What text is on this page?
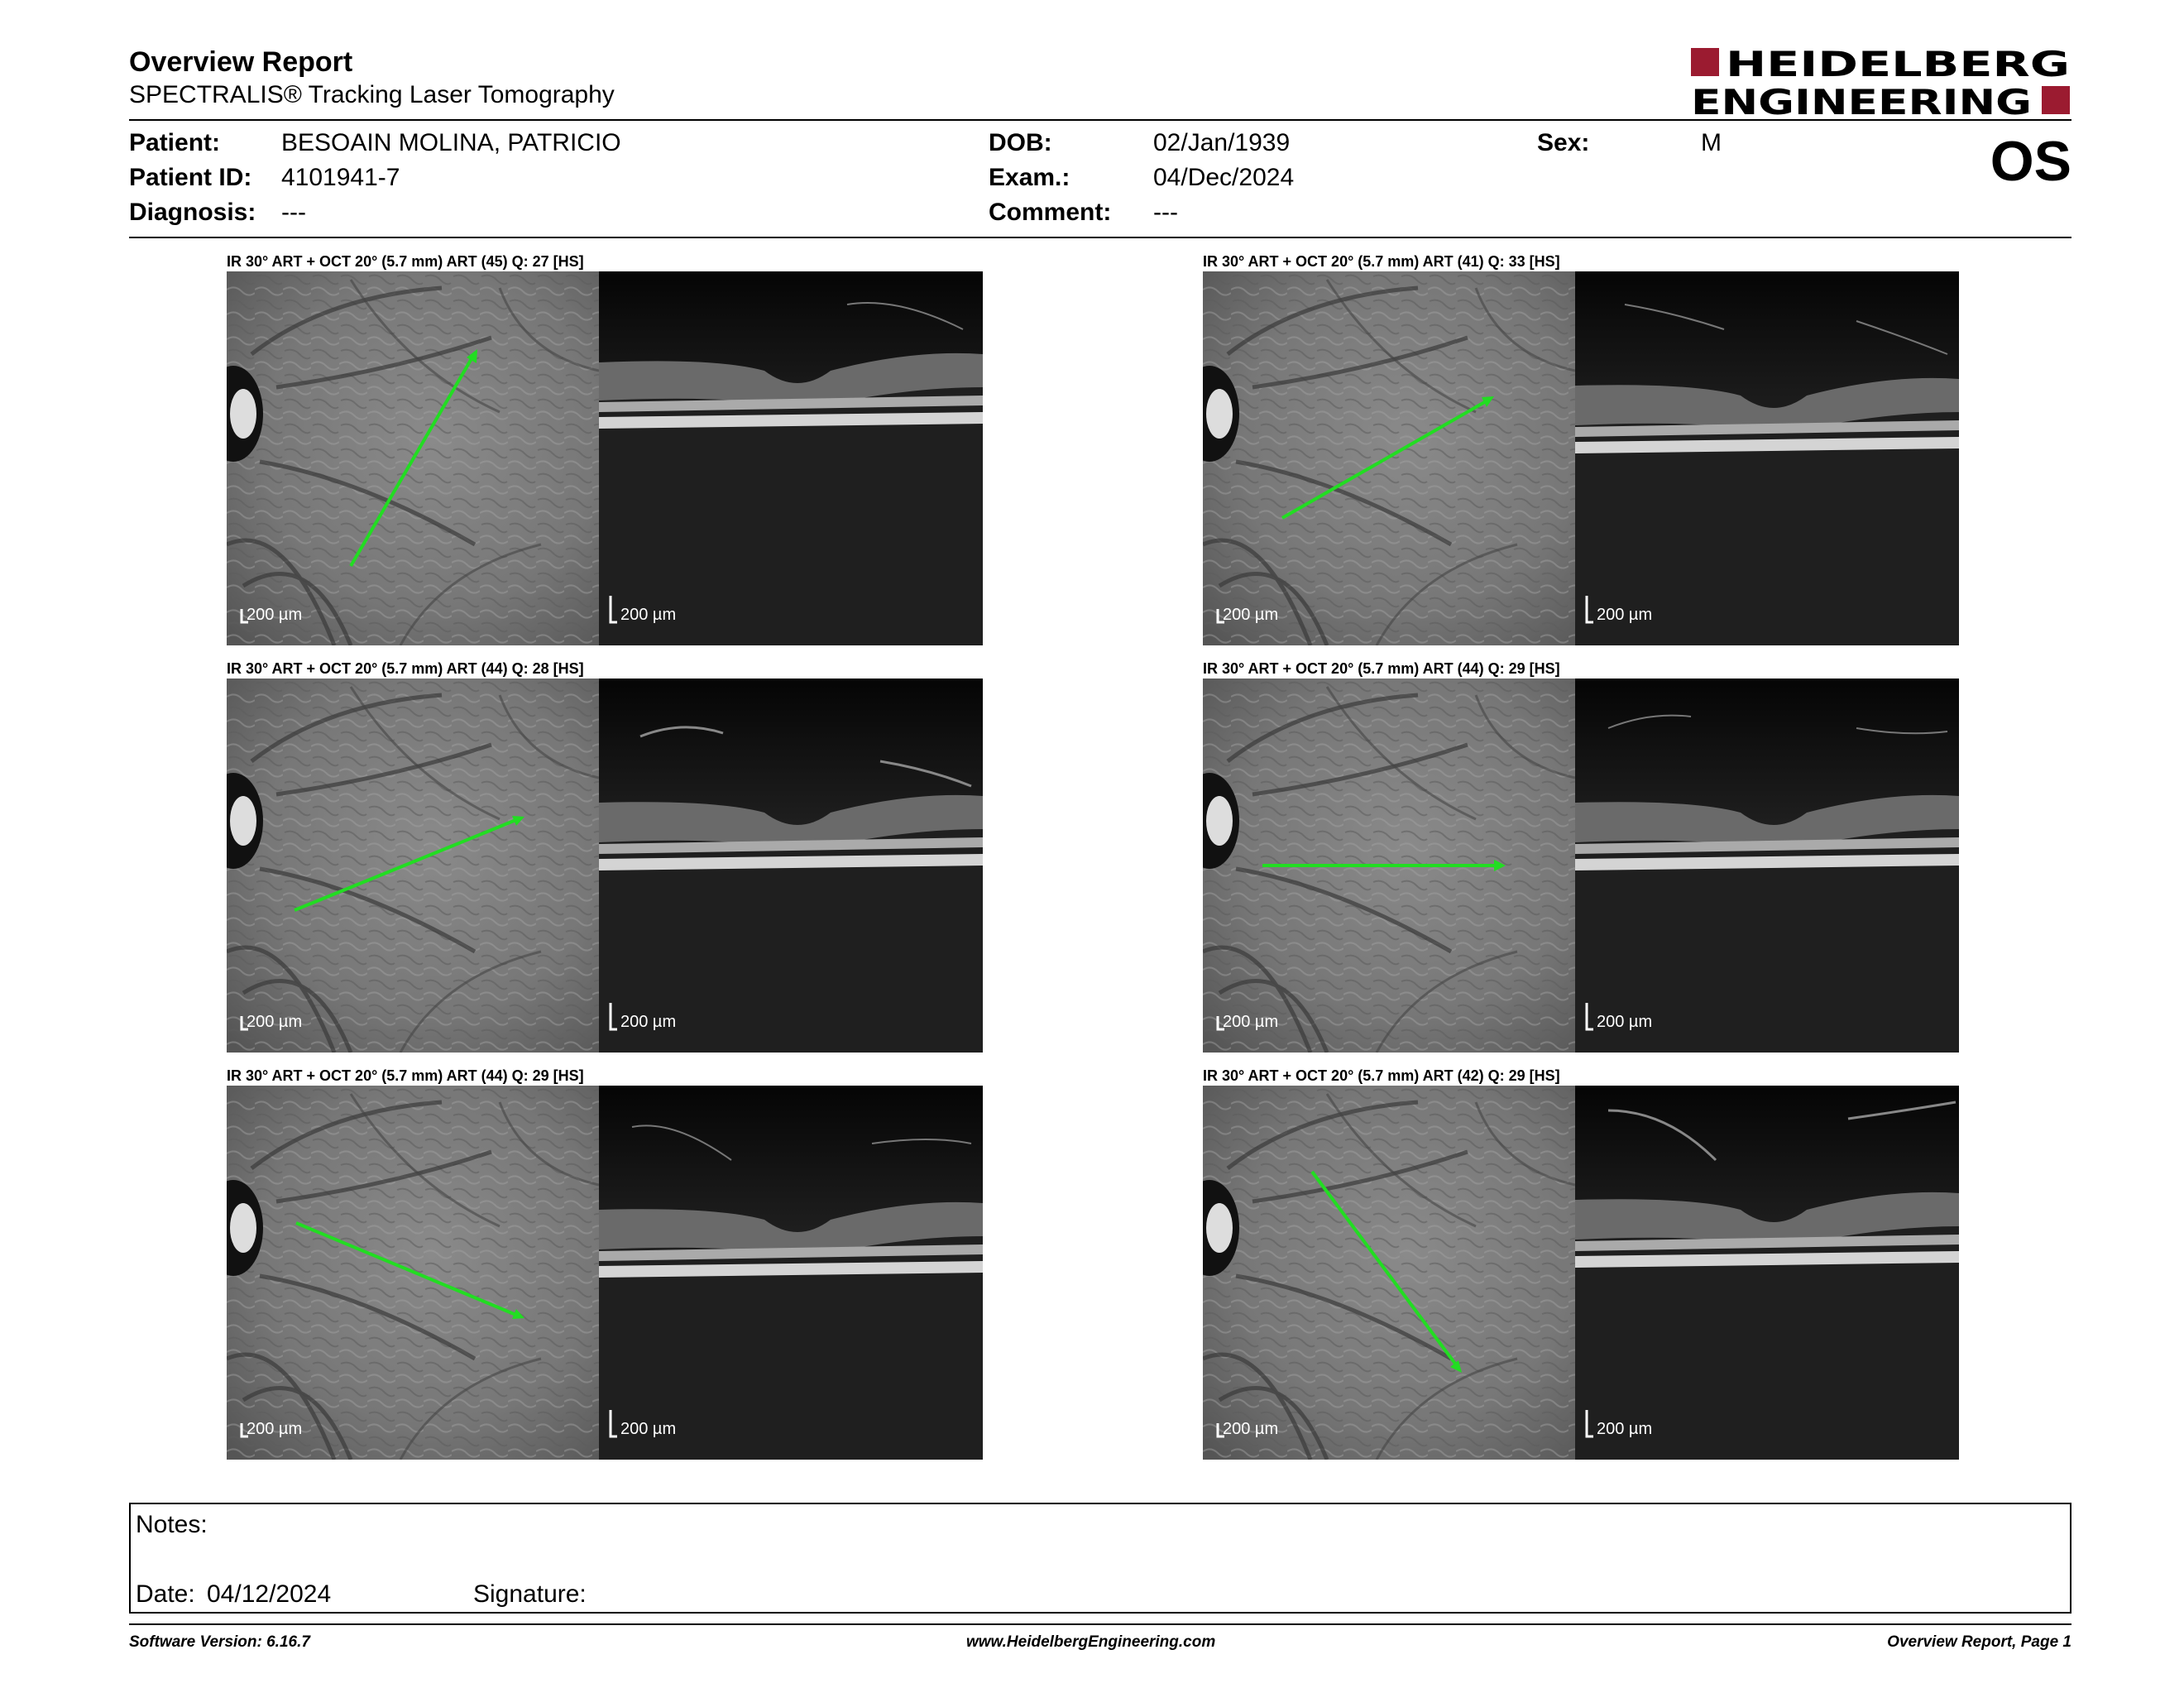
Overview Report
SPECTRALIS® Tracking Laser Tomography
HEIDELBERG
ENGINEERING
Patient: BESOAIN MOLINA, PATRICIO
Patient ID: 4101941-7
Diagnosis: ---
DOB:	02/Jan/1939
Exam.:	04/Dec/2024
Comment: ---
Sex:	M	OS
IR 30° ART + OCT 20° (5.7 mm) ART (45) Q: 27 [HS]
200 µm	200 µm
IR 30° ART + OCT 20° (5.7 mm) ART (41) Q: 33 [HS]
200 µm	200 µm
IR 30° ART + OCT 20° (5.7 mm) ART (44) Q: 28 [HS]
200 µm	200 µm
IR 30° ART + OCT 20° (5.7 mm) ART (44) Q: 29 [HS]
200 µm	200 µm
IR 30° ART + OCT 20° (5.7 mm) ART (44) Q: 29 [HS]
200 µm	200 µm
IR 30° ART + OCT 20° (5.7 mm) ART (42) Q: 29 [HS]
200 µm	200 µm
Notes:
Date: 04/12/2024	Signature:
Software Version: 6.16.7	www.HeidelbergEngineering.com	Overview Report, Page 1
